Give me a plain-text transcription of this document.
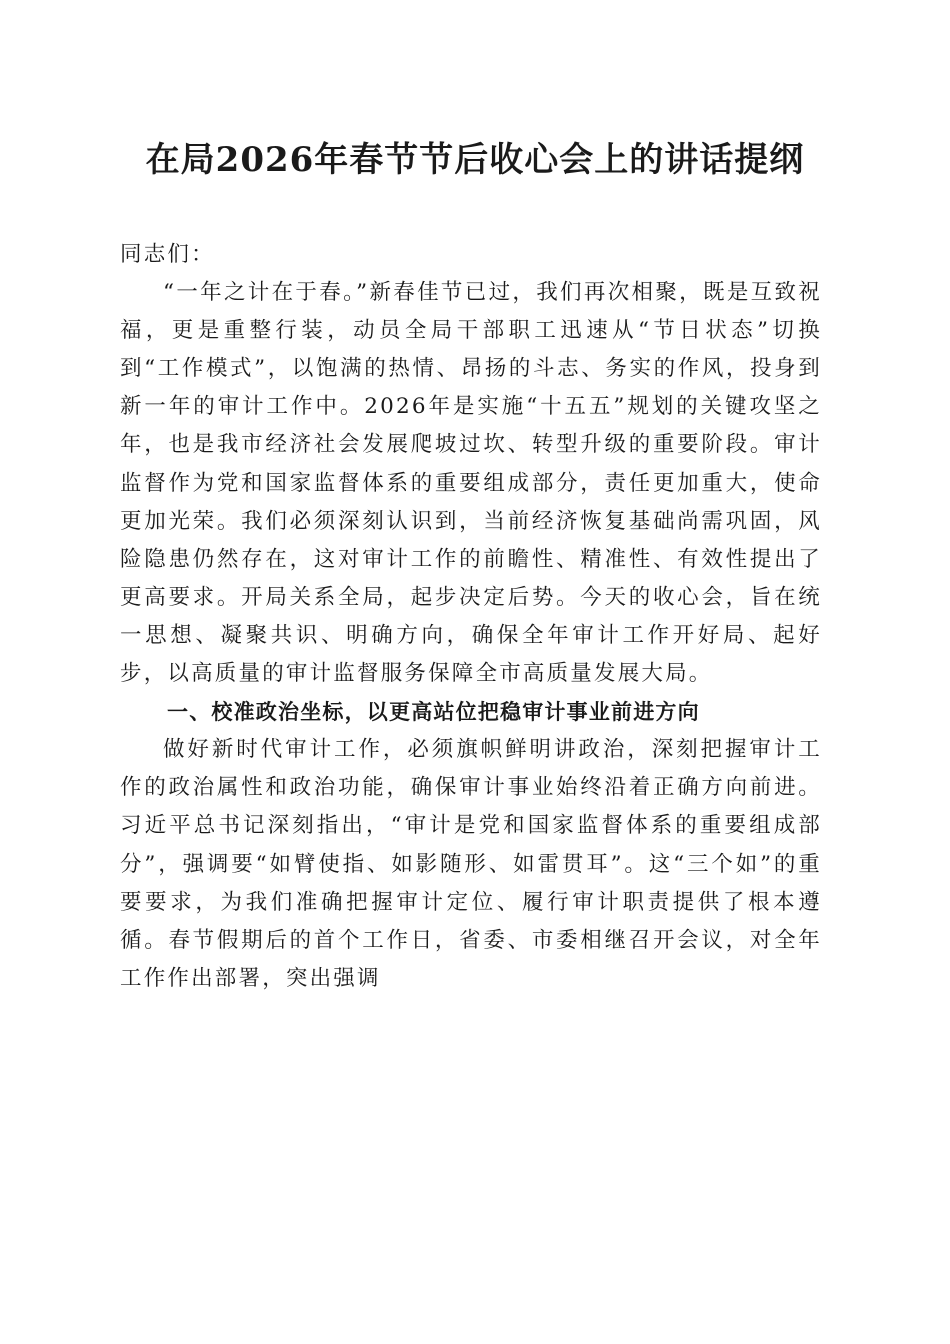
在局2026年春节节后收心会上的讲话提纲

同志们：

“一年之计在于春。”新春佳节已过，我们再次相聚，既是互致祝福，更是重整行装，动员全局干部职工迅速从“节日状态”切换到“工作模式”，以饱满的热情、昂扬的斗志、务实的作风，投身到新一年的审计工作中。2026年是实施“十五五”规划的关键攻坚之年，也是我市经济社会发展爬坡过坎、转型升级的重要阶段。审计监督作为党和国家监督体系的重要组成部分，责任更加重大，使命更加光荣。我们必须深刻认识到，当前经济恢复基础尚需巩固，风险隐患仍然存在，这对审计工作的前瞻性、精准性、有效性提出了更高要求。开局关系全局，起步决定后势。今天的收心会，旨在统一思想、凝聚共识、明确方向，确保全年审计工作开好局、起好步，以高质量的审计监督服务保障全市高质量发展大局。

一、校准政治坐标，以更高站位把稳审计事业前进方向

做好新时代审计工作，必须旗帜鲜明讲政治，深刻把握审计工作的政治属性和政治功能，确保审计事业始终沿着正确方向前进。习近平总书记深刻指出，“审计是党和国家监督体系的重要组成部分”，强调要“如臂使指、如影随形、如雷贯耳”。这“三个如”的重要要求，为我们准确把握审计定位、履行审计职责提供了根本遵循。春节假期后的首个工作日，省委、市委相继召开会议，对全年工作作出部署，突出强调
